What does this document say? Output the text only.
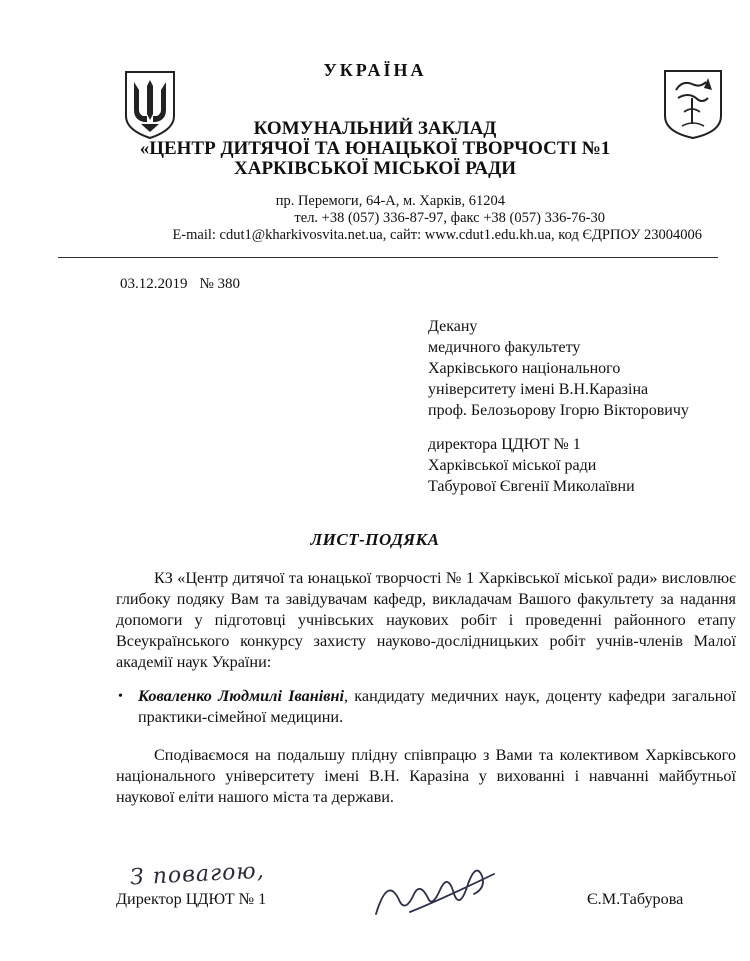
УКРАЇНА
КОМУНАЛЬНИЙ ЗАКЛАД
«ЦЕНТР ДИТЯЧОЇ ТА ЮНАЦЬКОЇ ТВОРЧОСТІ №1
ХАРКІВСЬКОЇ МІСЬКОЇ РАДИ
пр. Перемоги, 64-А, м. Харків, 61204
тел. +38 (057) 336-87-97, факс +38 (057) 336-76-30
E-mail: cdut1@kharkivosvita.net.ua, сайт: www.cdut1.edu.kh.ua, код ЄДРПОУ 23004006
03.12.2019 № 380
Декану
медичного факультету
Харківського національного
університету імені В.Н.Каразіна
проф. Белозьорову Ігорю Вікторовичу
директора ЦДЮТ № 1
Харківської міської ради
Табурової Євгенії Миколаївни
ЛИСТ-ПОДЯКА
КЗ «Центр дитячої та юнацької творчості № 1 Харківської міської ради» висловлює глибоку подяку Вам та завідувачам кафедр, викладачам Вашого факультету за надання допомоги у підготовці учнівських наукових робіт і проведенні районного етапу Всеукраїнського конкурсу захисту науково-дослідницьких робіт учнів-членів Малої академії наук України:
• Коваленко Людмилі Іванівні, кандидату медичних наук, доценту кафедри загальної практики-сімейної медицини.
Сподіваємося на подальшу плідну співпрацю з Вами та колективом Харківського національного університету імені В.Н. Каразіна у вихованні і навчанні майбутньої наукової еліти нашого міста та держави.
З повагою,
Директор ЦДЮТ № 1	Є.М.Табурова
